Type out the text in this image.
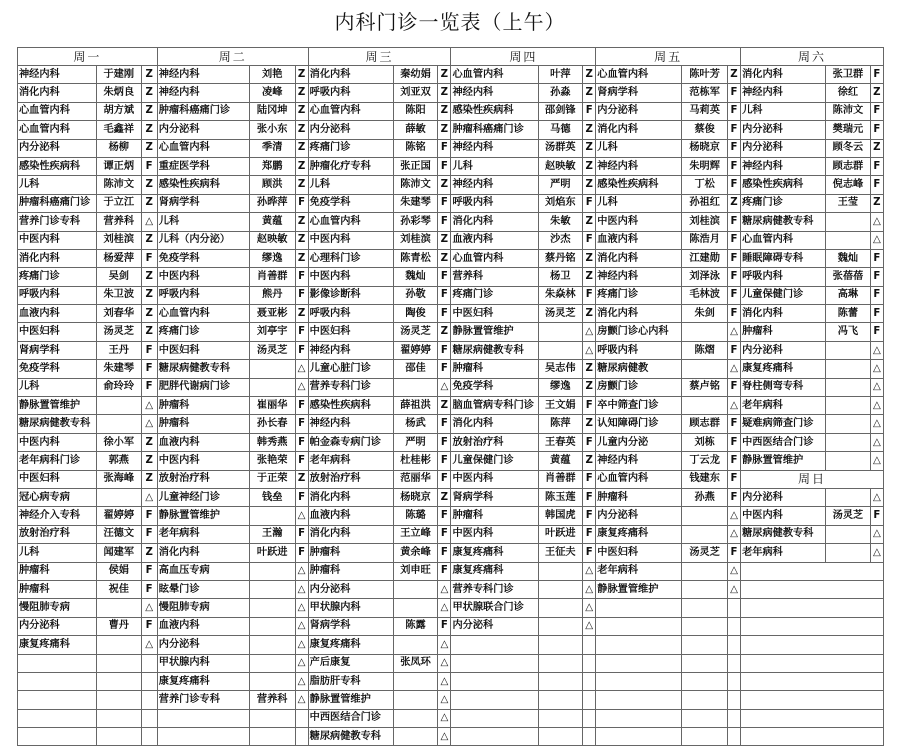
内科门诊一览表（上午）
周一			周二			周三			周四			周五			周六		
神经内科	于建刚	Z	神经内科	刘艳	Z	消化内科	秦幼娟	Z	心血管内科	叶萍	Z	心血管内科	陈叶芳	Z	消化内科	张卫群	F
消化内科	朱炳良	Z	神经内科	凌峰	Z	呼吸内科	刘亚双	Z	神经内科	孙淼	Z	肾病学科	范栋军	F	神经内科	徐红	Z
心血管内科	胡方斌	Z	肿瘤科癌痛门诊	陆冈坤	Z	心血管内科	陈阳	Z	感染性疾病科	邵剑锋	F	内分泌科	马莉英	F	儿科	陈沛文	F
心血管内科	毛鑫祥	Z	内分泌科	张小东	Z	内分泌科	薛敏	Z	肿瘤科癌痛门诊	马德	Z	消化内科	蔡俊	F	内分泌科	樊瑞元	F
内分泌科	杨柳	Z	心血管内科	季清	Z	疼痛门诊	陈铭	F	神经内科	汤群英	Z	儿科	杨晓京	F	内分泌科	顾冬云	Z
感染性疾病科	谭正炳	F	重症医学科	郑鹏	Z	肿瘤化疗专科	张正国	F	儿科	赵映敏	Z	神经内科	朱明辉	F	神经内科	顾志群	F
儿科	陈沛文	Z	感染性疾病科	顾洪	Z	儿科	陈沛文	Z	神经内科	严明	Z	感染性疾病科	丁松	F	感染性疾病科	倪志峰	F
肿瘤科癌痛门诊	于立江	Z	肾病学科	孙晔萍	F	免疫学科	朱建琴	F	呼吸内科	刘焰东	F	儿科	孙祖红	Z	疼痛门诊	王莹	Z
营养门诊专科	营养科	△	儿科	黄蕴	Z	心血管内科	孙彩琴	F	消化内科	朱敏	Z	中医内科	刘桂滨	F	糖尿病健教专科		△
中医内科	刘桂滨	Z	儿科（内分泌）	赵映敏	Z	中医内科	刘桂滨	Z	血液内科	沙杰	F	血液内科	陈浩月	F	心血管内科		△
消化内科	杨爱萍	F	免疫学科	缪逸	Z	心理科门诊	陈青松	Z	心血管内科	蔡丹铭	Z	消化内科	江建勋	F	睡眠障碍专科	魏灿	F
疼痛门诊	吴剑	Z	中医内科	肖善群	F	中医内科	魏灿	F	营养科	杨卫	Z	神经内科	刘泽泳	F	呼吸内科	张蓓蓓	F
呼吸内科	朱卫波	Z	呼吸内科	熊丹	F	影像诊断科	孙敬	F	疼痛门诊	朱焱林	F	疼痛门诊	毛林波	F	儿童保健门诊	高琳	F
血液内科	刘春华	Z	心血管内科	聂亚彬	Z	呼吸内科	陶俊	F	中医妇科	汤灵芝	Z	消化内科	朱剑	F	消化内科	陈蕾	F
中医妇科	汤灵芝	Z	疼痛门诊	刘亭宇	F	中医妇科	汤灵芝	Z	静脉置管维护		△	房颤门诊心内科		△	肿瘤科	冯飞	F
肾病学科	王丹	F	中医妇科	汤灵芝	F	神经内科	翟婷婷	F	糖尿病健教专科		△	呼吸内科	陈熠	F	内分泌科		△
免疫学科	朱建琴	F	糖尿病健教专科		△	儿童心脏门诊	邵佳	F	肿瘤科	吴志伟	Z	糖尿病健教		△	康复疼痛科		△
儿科	俞玲玲	F	肥胖代谢病门诊		△	营养专科门诊		△	免疫学科	缪逸	Z	房颤门诊	蔡卢铭	F	脊柱侧弯专科		△
静脉置管维护		△	肿瘤科	崔丽华	F	感染性疾病科	薛祖洪	Z	脑血管病专科门诊	王文娟	F	卒中筛查门诊		△	老年病科		△
糖尿病健教专科		△	肿瘤科	孙长春	F	神经内科	杨武	F	消化内科	陈萍	Z	认知障碍门诊	顾志群	F	疑难病筛查门诊		△
中医内科	徐小军	Z	血液内科	韩秀燕	F	帕金森专病门诊	严明	F	放射治疗科	王春英	F	儿童内分泌	刘栋	F	中西医结合门诊		△
老年病科门诊	郭燕	Z	中医内科	张艳荣	F	老年病科	杜桂彬	F	儿童保健门诊	黄蕴	Z	神经内科	丁云龙	F	静脉置管维护		△
中医妇科	张海峰	Z	放射治疗科	于正荣	Z	放射治疗科	范丽华	F	中医内科	肖善群	F	心血管内科	钱建东	F	周日		
冠心病专病		△	儿童神经门诊	钱垒	F	消化内科	杨晓京	Z	肾病学科	陈玉莲	F	肿瘤科	孙燕	F	内分泌科		△
神经介入专科	翟婷婷	F	静脉置管维护		△	血液内科	陈璐	F	肿瘤科	韩国虎	F	内分泌科		△	中医内科	汤灵芝	F
放射治疗科	汪德文	F	老年病科	王瀚	F	消化内科	王立峰	F	中医内科	叶跃进	F	康复疼痛科		△	糖尿病健教专科		△
儿科	闻建军	Z	消化内科	叶跃进	F	肿瘤科	黄余峰	F	康复疼痛科	王征夫	F	中医妇科	汤灵芝	F	老年病科		△
肿瘤科	侯娟	F	高血压专病		△	肿瘤科	刘申旺	F	康复疼痛科		△	老年病科		△			
肿瘤科	祝佳	F	眩晕门诊		△	内分泌科		△	营养专科门诊		△	静脉置管维护		△			
慢阻肺专病		△	慢阻肺专病		△	甲状腺内科		△	甲状腺联合门诊		△						
内分泌科	曹丹	F	血液内科		△	肾病学科	陈露	F	内分泌科		△						
康复疼痛科		△	内分泌科		△	康复疼痛科		△									
			甲状腺内科		△	产后康复	张凤环	△									
			康复疼痛科		△	脂肪肝专科		△									
			营养门诊专科	营养科	△	静脉置管维护		△									
						中西医结合门诊		△									
						糖尿病健教专科		△									
